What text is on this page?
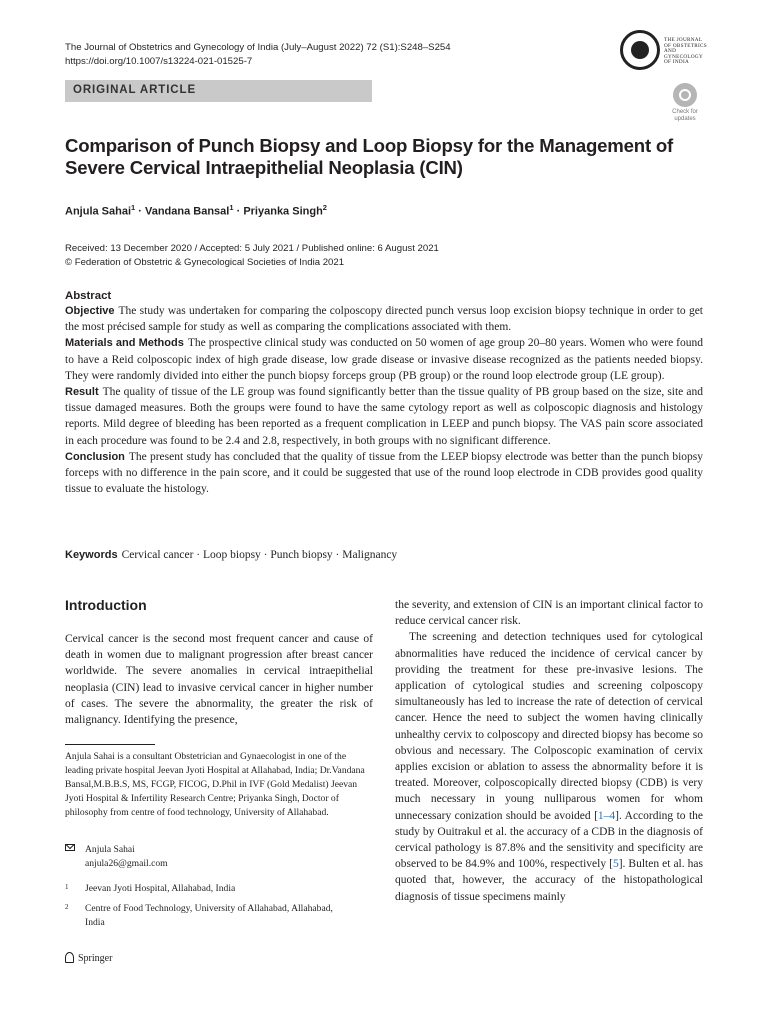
The Journal of Obstetrics and Gynecology of India (July–August 2022) 72 (S1):S248–S254
https://doi.org/10.1007/s13224-021-01525-7
THE JOURNAL OF OBSTETRICS AND GYNECOLOGY OF INDIA
ORIGINAL ARTICLE
Check for updates
Comparison of Punch Biopsy and Loop Biopsy for the Management of Severe Cervical Intraepithelial Neoplasia (CIN)
Anjula Sahai$^1$ · Vandana Bansal$^1$ · Priyanka Singh$^2$
Received: 13 December 2020 / Accepted: 5 July 2021 / Published online: 6 August 2021
© Federation of Obstetric & Gynecological Societies of India 2021
Abstract

Objective The study was undertaken for comparing the colposcopy directed punch versus loop excision biopsy technique in order to get the most précised sample for study as well as comparing the complications associated with them.

Materials and Methods The prospective clinical study was conducted on 50 women of age group 20–80 years. Women who were found to have a Reid colposcopic index of high grade disease, low grade disease or invasive disease recognized as the patients needed biopsy. They were randomly divided into either the punch biopsy forceps group (PB group) or the round loop electrode group (LE group).

Result The quality of tissue of the LE group was found significantly better than the tissue quality of PB group based on the size, site and tissue damaged measures. Both the groups were found to have the same cytology report as well as colposcopic diagnosis and histology reports. Mild degree of bleeding has been reported as a frequent complication in LEEP and punch biopsy. The VAS pain score associated in each procedure was found to be 2.4 and 2.8, respectively, in both groups with no significant difference.

Conclusion The present study has concluded that the quality of tissue from the LEEP biopsy electrode was better than the punch biopsy forceps with no difference in the pain score, and it could be suggested that use of the round loop electrode in CDB provides good quality tissue to evaluate the histology.

Keywords Cervical cancer · Loop biopsy · Punch biopsy · Malignancy
Introduction

Cervical cancer is the second most frequent cancer and cause of death in women due to malignant progression after breast cancer worldwide. The severe anomalies in cervical intraepithelial neoplasia (CIN) lead to invasive cervical cancer in higher number of cases. The severe the abnormality, the greater the risk of malignancy. Identifying the presence,

Anjula Sahai is a consultant Obstetrician and Gynaecologist in one of the leading private hospital Jeevan Jyoti Hospital at Allahabad, India; Dr.Vandana Bansal,M.B.B.S, MS, FCGP, FICOG, D.Phil in IVF (Gold Medalist) Jeevan Jyoti Hospital & Infertility Research Centre; Priyanka Singh, Doctor of philosophy from centre of food technology, University of Allahabad.
Anjula Sahai
anjula26@gmail.com
1 Jeevan Jyoti Hospital, Allahabad, India
2 Centre of Food Technology, University of Allahabad, Allahabad, India
Springer

the severity, and extension of CIN is an important clinical factor to reduce cervical cancer risk.

The screening and detection techniques used for cytological abnormalities have reduced the incidence of cervical cancer by providing the treatment for these pre-invasive lesions. The application of cytological studies and screening colposcopy simultaneously has led to increase the rate of detection of cervical cancer. Hence the need to subject the women having clinically unhealthy cervix to colposcopy and directed biopsy has become so obvious and necessary. The Colposcopic examination of cervix applies excision or ablation to assess the abnormality before it is treated. Moreover, colposcopically directed biopsy (CDB) is very much necessary in young nulliparous women for whom unnecessary conization should be avoided [1–4]. According to the study by Ouitrakul et al. the accuracy of a CDB in the diagnosis of cervical pathology is 87.8% and the sensitivity and specificity are observed to be 84.9% and 100%, respectively [5]. Bulten et al. has quoted that, however, the accuracy of the histopathological diagnosis of tissue specimens mainly
